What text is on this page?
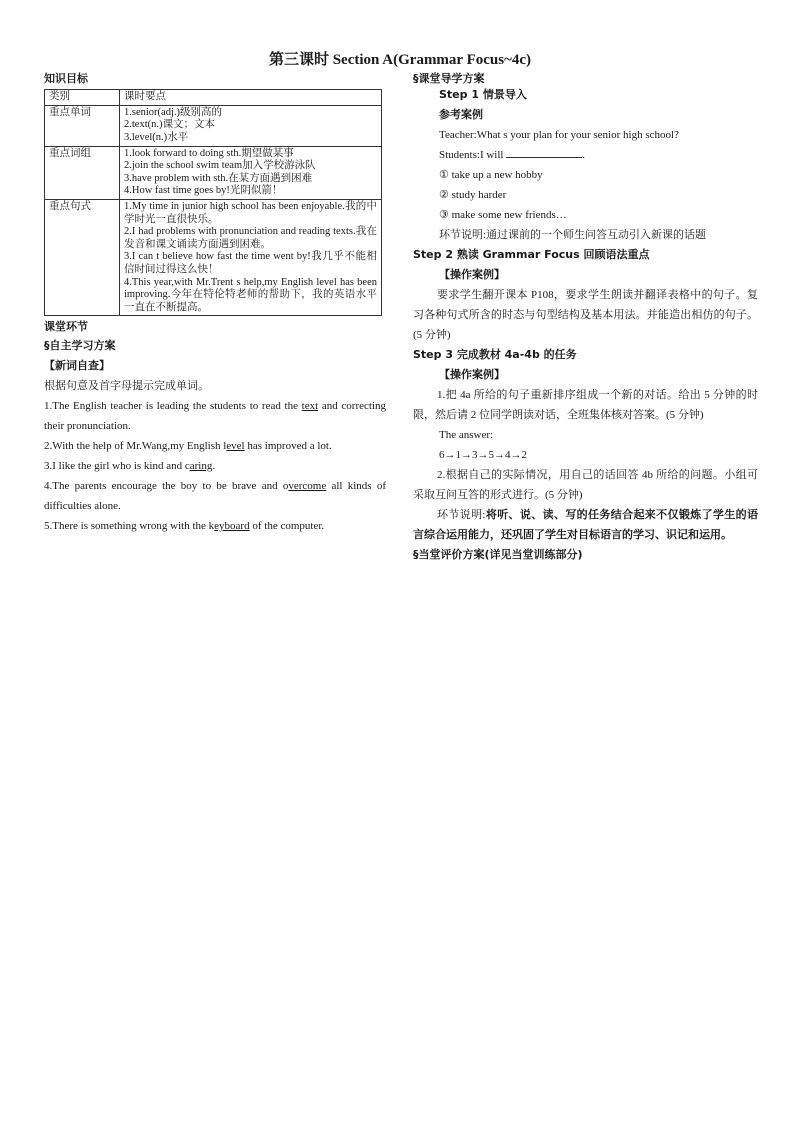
第三课时 Section A(Grammar Focus~4c)

知识目标

类别	课时要点
重点单词	1.senior(adj.)级别高的
2.text(n.)课文；文本
3.level(n.)水平

重点词组	1.look forward to doing sth.期望做某事
2.join the school swim team加入学校游泳队
3.have problem with sth.在某方面遇到困难
4.How fast time goes by!光阴似箭！

重点句式	1.My time in junior high school has been enjoyable.我的中学时光一直很快乐。
2.I had problems with pronunciation and reading texts.我在发音和课文诵读方面遇到困难。
3.I can t believe how fast the time went by!我几乎不能相信时间过得这么快！
4.This year,with Mr.Trent s help,my English level has been improving.今年在特伦特老师的帮助下，我的英语水平一直在不断提高。

课堂环节

§自主学习方案

【新词自查】

根据句意及首字母提示完成单词。

1.The English teacher is leading the students to read the text and correcting their pronunciation.
2.With the help of Mr.Wang,my English level has improved a lot.
3.I like the girl who is kind and caring.
4.The parents encourage the boy to be brave and overcome all kinds of difficulties alone.
5.There is something wrong with the keyboard of the computer.

§课堂导学方案

Step 1 情景导入
参考案例
Teacher:What s your plan for your senior high school?
Students:I will	.
① take up a new hobby
② study harder
③ make some new friends…
环节说明:通过课前的一个师生问答互动引入新课的话题
Step 2 熟读 Grammar Focus 回顾语法重点
【操作案例】

要求学生翻开课本 P108，要求学生朗读并翻译表格中的句子。复习各种句式所含的时态与句型结构及基本用法。并能造出相仿的句子。(5 分钟)

Step 3 完成教材 4a-4b 的任务
【操作案例】

1.把 4a 所给的句子重新排序组成一个新的对话。给出 5 分钟的时限，然后请 2 位同学朗读对话，全班集体核对答案。(5 分钟)

The answer:
6→1→3→5→4→2

2.根据自己的实际情况，用自己的话回答 4b 所给的问题。小组可采取互问互答的形式进行。(5 分钟)

环节说明:将听、说、读、写的任务结合起来不仅锻炼了学生的语言综合运用能力，还巩固了学生对目标语言的学习、识记和运用。

§当堂评价方案(详见当堂训练部分)
